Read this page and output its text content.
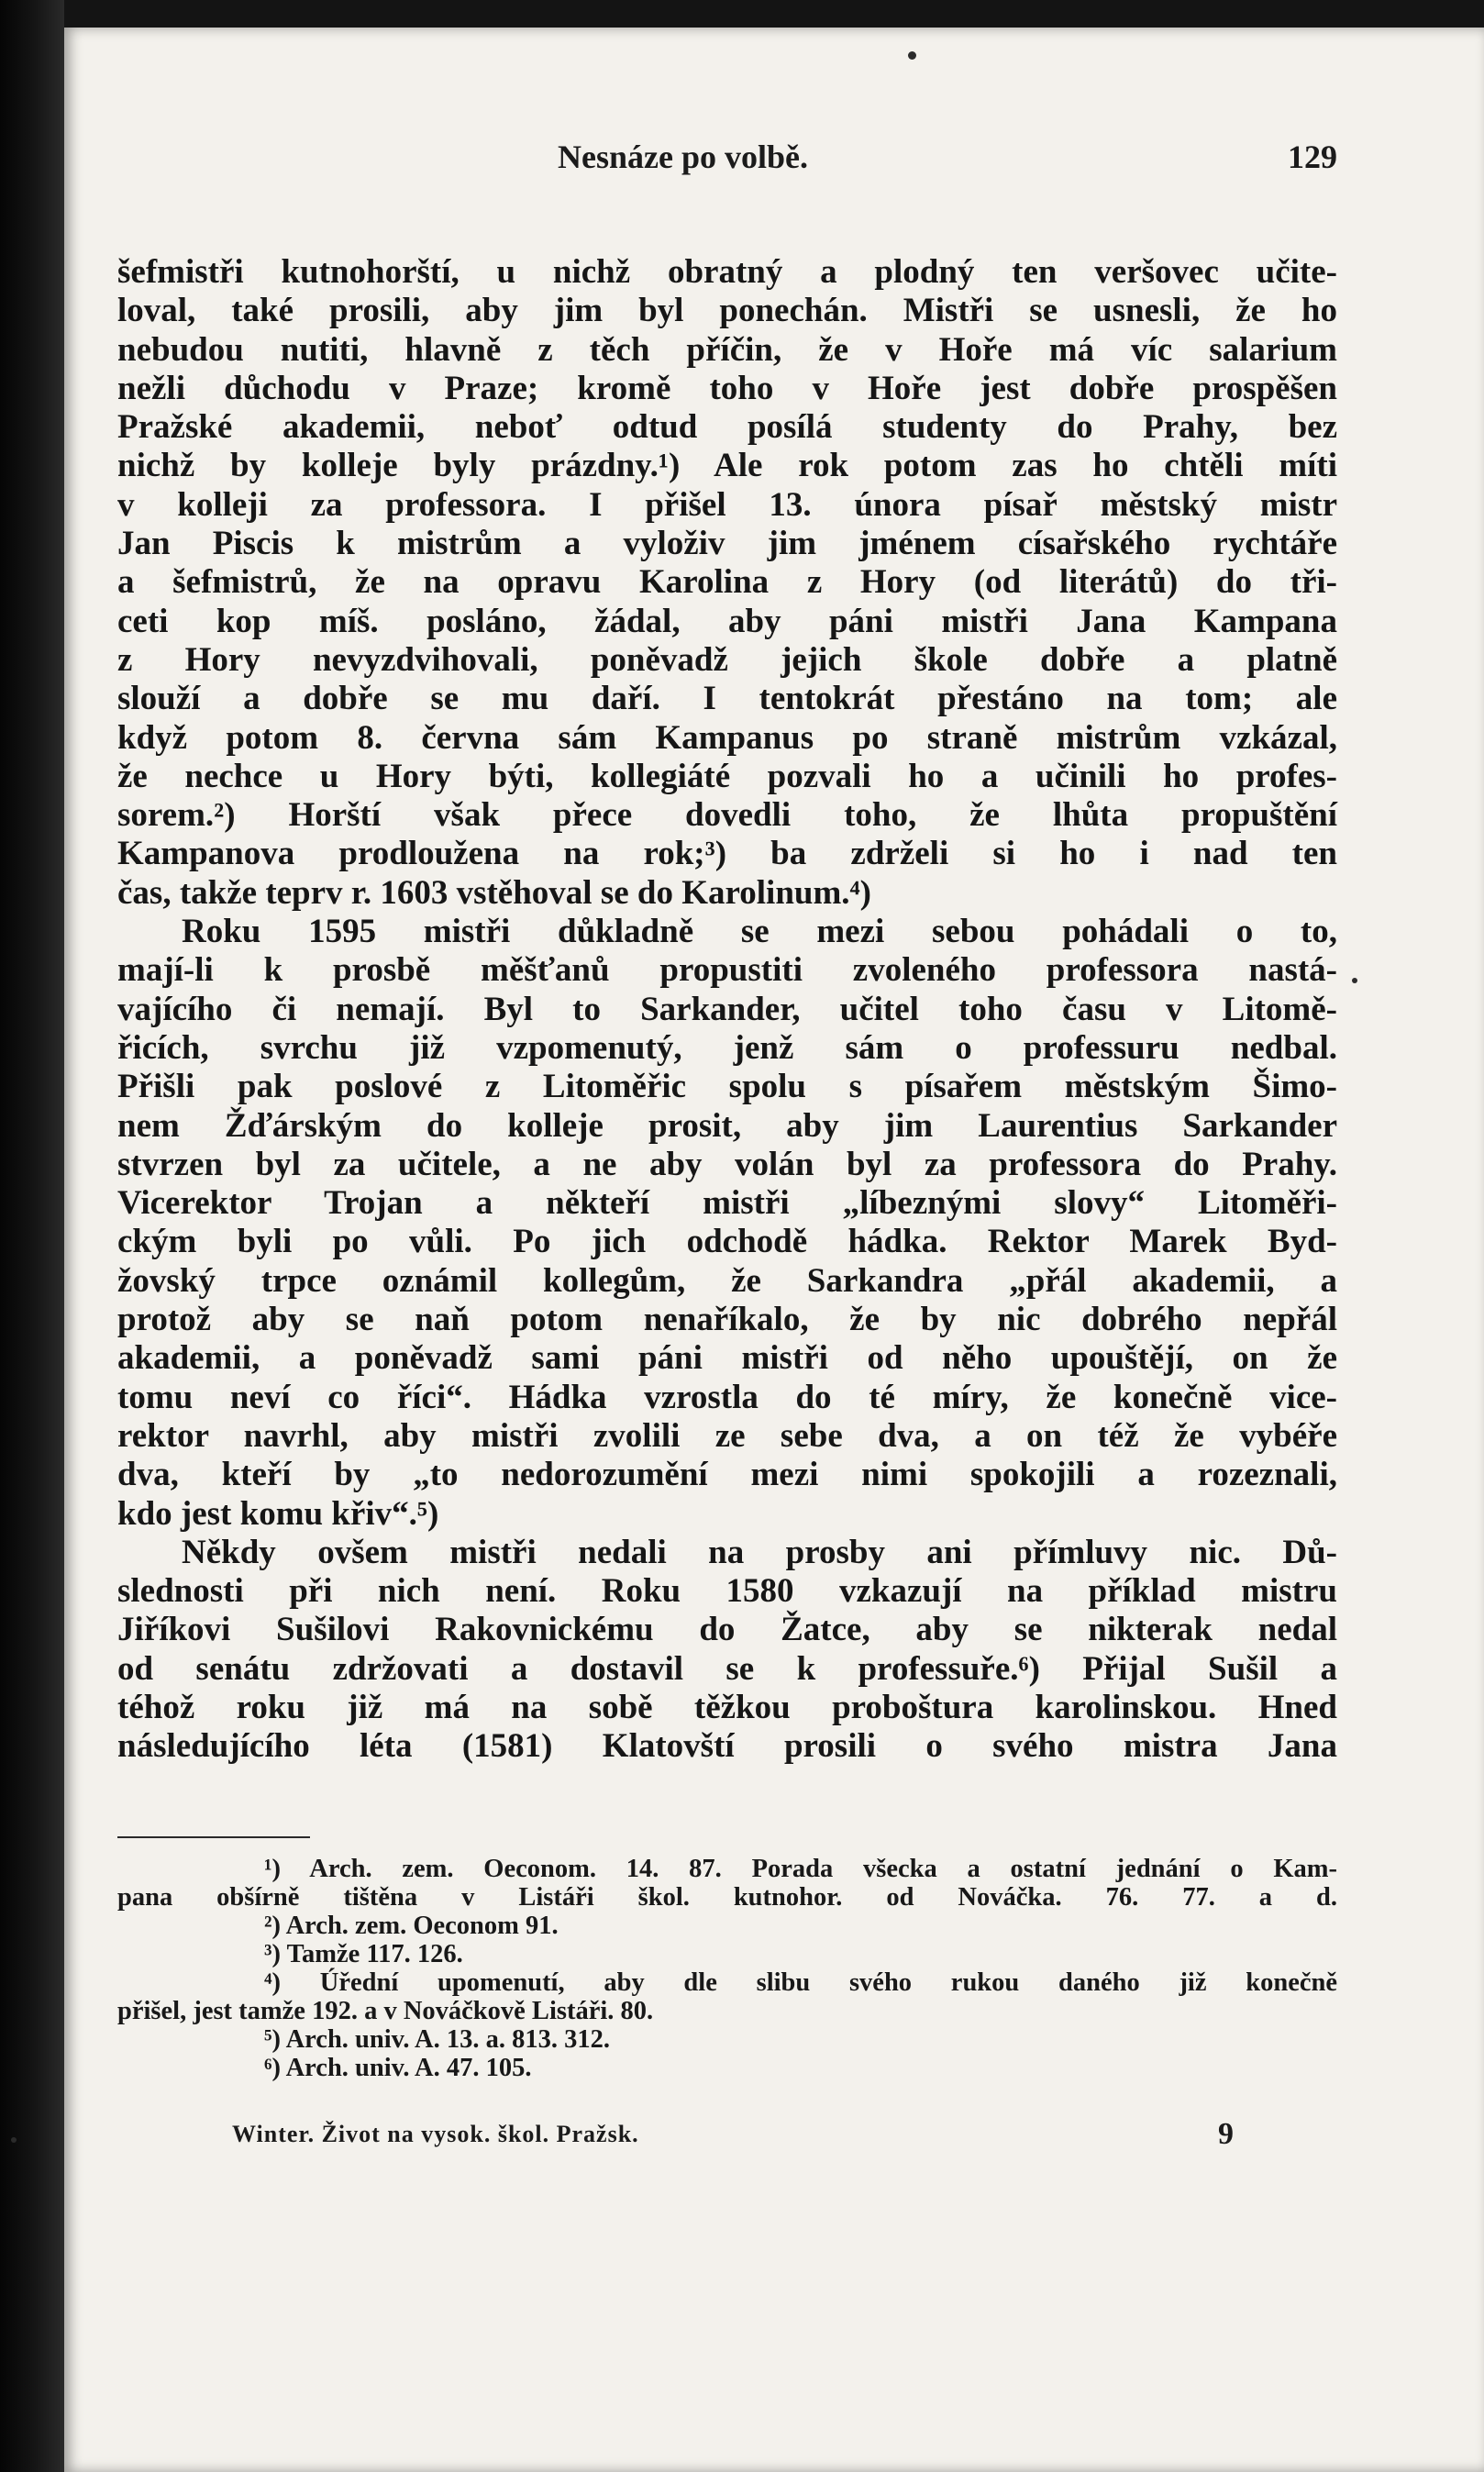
Nesnáze po volbě.	129
šefmistři kutnohorští, u nichž obratný a plodný ten veršovec učite-
loval, také prosili, aby jim byl ponechán. Mistři se usnesli, že ho
nebudou nutiti, hlavně z těch příčin, že v Hoře má víc salarium
nežli důchodu v Praze; kromě toho v Hoře jest dobře prospěšen
Pražské akademii, neboť odtud posílá studenty do Prahy, bez
nichž by kolleje byly prázdny.¹) Ale rok potom zas ho chtěli míti
v kolleji za professora. I přišel 13. února písař městský mistr
Jan Piscis k mistrům a vyloživ jim jménem císařského rychtáře
a šefmistrů, že na opravu Karolina z Hory (od literátů) do tři-
ceti kop míš. posláno, žádal, aby páni mistři Jana Kampana
z Hory nevyzdvihovali, poněvadž jejich škole dobře a platně
slouží a dobře se mu daří. I tentokrát přestáno na tom; ale
když potom 8. června sám Kampanus po straně mistrům vzkázal,
že nechce u Hory býti, kollegiáté pozvali ho a učinili ho profes-
sorem.²) Horští však přece dovedli toho, že lhůta propuštění
Kampanova prodloužena na rok;³) ba zdrželi si ho i nad ten
čas, takže teprv r. 1603 vstěhoval se do Karolinum.⁴)
Roku 1595 mistři důkladně se mezi sebou pohádali o to,
mají-li k prosbě měšťanů propustiti zvoleného professora nastá-
vajícího či nemají. Byl to Sarkander, učitel toho času v Litomě-
řicích, svrchu již vzpomenutý, jenž sám o professuru nedbal.
Přišli pak poslové z Litoměřic spolu s písařem městským Šimo-
nem Žďárským do kolleje prosit, aby jim Laurentius Sarkander
stvrzen byl za učitele, a ne aby volán byl za professora do Prahy.
Vicerektor Trojan a někteří mistři „líbeznými slovy“ Litoměři-
ckým byli po vůli. Po jich odchodě hádka. Rektor Marek Byd-
žovský trpce oznámil kollegům, že Sarkandra „přál akademii, a
protož aby se naň potom nenaříkalo, že by nic dobrého nepřál
akademii, a poněvadž sami páni mistři od něho upouštějí, on že
tomu neví co říci“. Hádka vzrostla do té míry, že konečně vice-
rektor navrhl, aby mistři zvolili ze sebe dva, a on též že vybéře
dva, kteří by „to nedorozumění mezi nimi spokojili a rozeznali,
kdo jest komu křiv“.⁵)
Někdy ovšem mistři nedali na prosby ani přímluvy nic. Dů-
slednosti při nich není. Roku 1580 vzkazují na příklad mistru
Jiříkovi Sušilovi Rakovnickému do Žatce, aby se nikterak nedal
od senátu zdržovati a dostavil se k professuře.⁶) Přijal Sušil a
téhož roku již má na sobě těžkou proboštura karolinskou. Hned
následujícího léta (1581) Klatovští prosili o svého mistra Jana
¹) Arch. zem. Oeconom. 14. 87. Porada všecka a ostatní jednání o Kam-
pana obšírně tištěna v Listáři škol. kutnohor. od Nováčka. 76. 77. a d.
²) Arch. zem. Oeconom 91.
³) Tamže 117. 126.
⁴) Úřední upomenutí, aby dle slibu svého rukou daného již konečně
přišel, jest tamže 192. a v Nováčkově Listáři. 80.
⁵) Arch. univ. A. 13. a. 813. 312.
⁶) Arch. univ. A. 47. 105.
Winter. Život na vysok. škol. Pražsk.	9
